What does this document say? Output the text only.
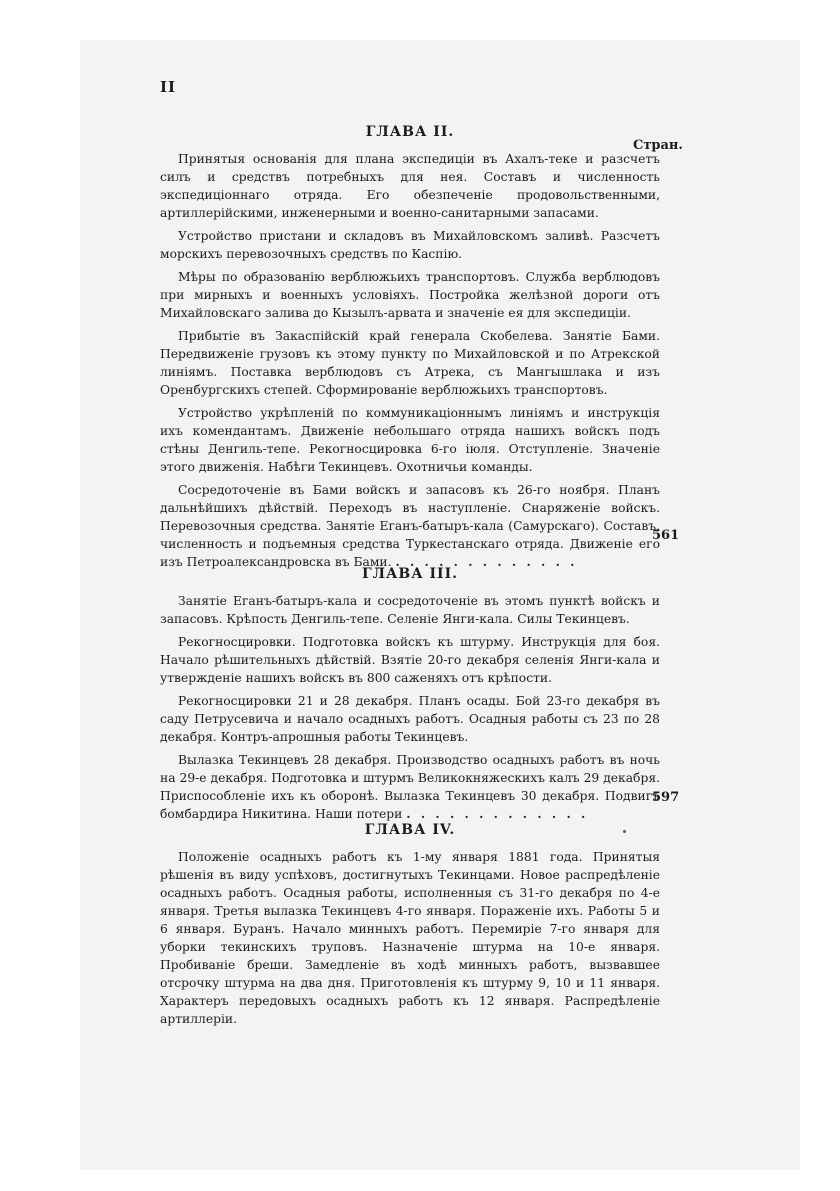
II
Стран.
ГЛАВА II.

Принятыя основанія для плана экспедиціи въ Ахалъ-теке и разсчетъ силъ и средствъ потребныхъ для нея. Составъ и численность экспедиціоннаго отряда. Его обезпеченіе продовольственными, артиллерійскими, инженерными и военно-санитарными запасами.

Устройство пристани и складовъ въ Михайловскомъ заливѣ. Разсчетъ морскихъ перевозочныхъ средствъ по Каспію.

Мѣры по образованію верблюжьихъ транспортовъ. Служба верблюдовъ при мирныхъ и военныхъ условіяхъ. Постройка желѣзной дороги отъ Михайловскаго залива до Кызылъ-арвата и значеніе ея для экспедиціи.

Прибытіе въ Закаспійскій край генерала Скобелева. Занятіе Бами. Передвиженіе грузовъ къ этому пункту по Михайловской и по Атрекской линіямъ. Поставка верблюдовъ съ Атрека, съ Мангышлака и изъ Оренбургскихъ степей. Сформированіе верблюжьихъ транспортовъ.

Устройство укрѣпленій по коммуникаціоннымъ линіямъ и инструкція ихъ комендантамъ. Движеніе небольшаго отряда нашихъ войскъ подъ стѣны Денгиль-тепе. Рекогносцировка 6-го іюля. Отступленіе. Значеніе этого движенія. Набѣги Текинцевъ. Охотничьи команды.

Сосредоточеніе въ Бами войскъ и запасовъ къ 26-го ноября. Планъ дальнѣйшихъ дѣйствій. Переходъ въ наступленіе. Снаряженіе войскъ. Перевозочныя средства. Занятіе Еганъ-батыръ-кала (Самурскаго). Составъ, численность и подъемныя средства Туркестанскаго отряда. Движеніе его изъ Петроалександровска въ Бами. . . . . . . . . . . . . .

561
ГЛАВА III.

Занятіе Еганъ-батыръ-кала и сосредоточеніе въ этомъ пунктѣ войскъ и запасовъ. Крѣпость Денгиль-тепе. Селеніе Янги-кала. Силы Текинцевъ.

Рекогносцировки. Подготовка войскъ къ штурму. Инструкція для боя. Начало рѣшительныхъ дѣйствій. Взятіе 20-го декабря селенія Янги-кала и утвержденіе нашихъ войскъ въ 800 саженяхъ отъ крѣпости.

Рекогносцировки 21 и 28 декабря. Планъ осады. Бой 23-го декабря въ саду Петрусевича и начало осадныхъ работъ. Осадныя работы съ 23 по 28 декабря. Контръ-апрошныя работы Текинцевъ.

Вылазка Текинцевъ 28 декабря. Производство осадныхъ работъ въ ночь на 29-е декабря. Подготовка и штурмъ Великокняжескихъ калъ 29 декабря. Приспособленіе ихъ къ оборонѣ. Вылазка Текинцевъ 30 декабря. Подвигъ бомбардира Никитина. Наши потери . . . . . . . . . . . . .

597
ГЛАВА IV.

Положеніе осадныхъ работъ къ 1-му января 1881 года. Принятыя рѣшенія въ виду успѣховъ, достигнутыхъ Текинцами. Новое распредѣленіе осадныхъ работъ. Осадныя работы, исполненныя съ 31-го декабря по 4-е января. Третья вылазка Текинцевъ 4-го января. Пораженіе ихъ. Работы 5 и 6 января. Буранъ. Начало минныхъ работъ. Перемиріе 7-го января для уборки текинскихъ труповъ. Назначеніе штурма на 10-е января. Пробиваніе бреши. Замедленіе въ ходѣ минныхъ работъ, вызвавшее отсрочку штурма на два дня. Приготовленія къ штурму 9, 10 и 11 января. Характеръ передовыхъ осадныхъ работъ къ 12 января. Распредѣленіе артиллеріи.
